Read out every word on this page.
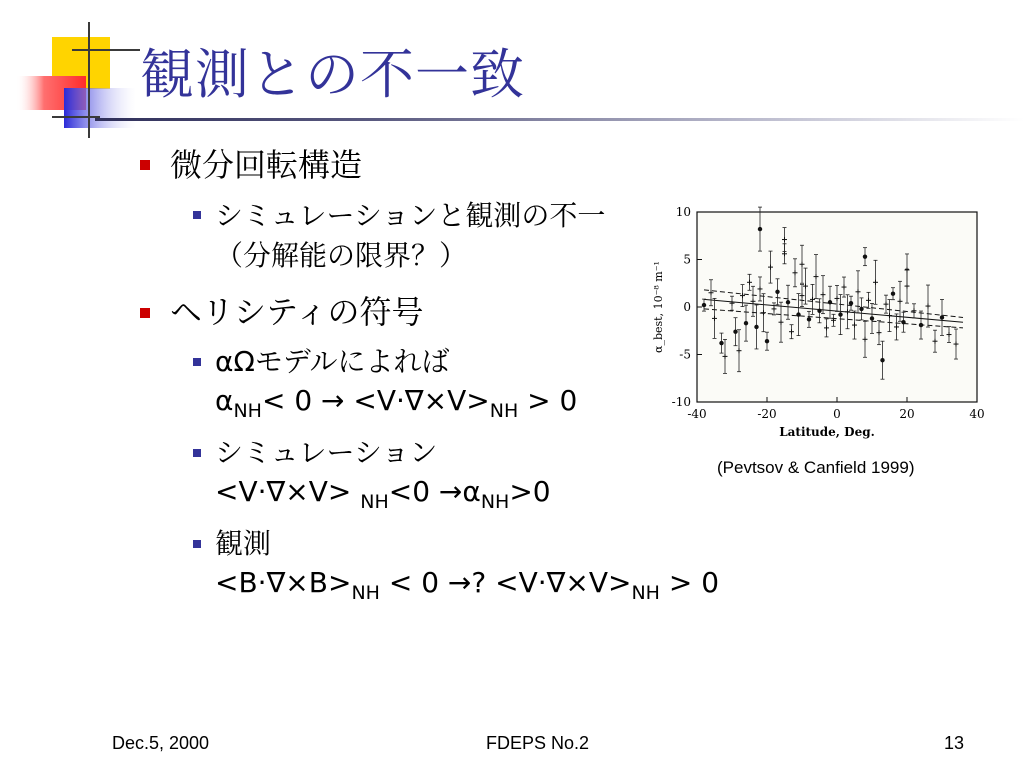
観測との不一致
微分回転構造
シミュレーションと観測の不一
（分解能の限界？）
ヘリシティの符号
αΩモデルによれば
$\alpha_{NH}< 0 \to <V\cdot\nabla\times V>_{NH} > 0$
シミュレーション
$<V\cdot\nabla\times V> _{NH}<0 \to\alpha_{NH}>0$
観測
$<B\cdot\nabla\times B>_{NH} < 0$ →? $<V\cdot\nabla\times V>_{NH} > 0$
-40	-20	0	20	40
10
5
0
-5
-10
Latitude, Deg.
α_best, 10⁻⁸ m⁻¹
(Pevtsov & Canfield 1999)
Dec.5, 2000	FDEPS No.2	13
